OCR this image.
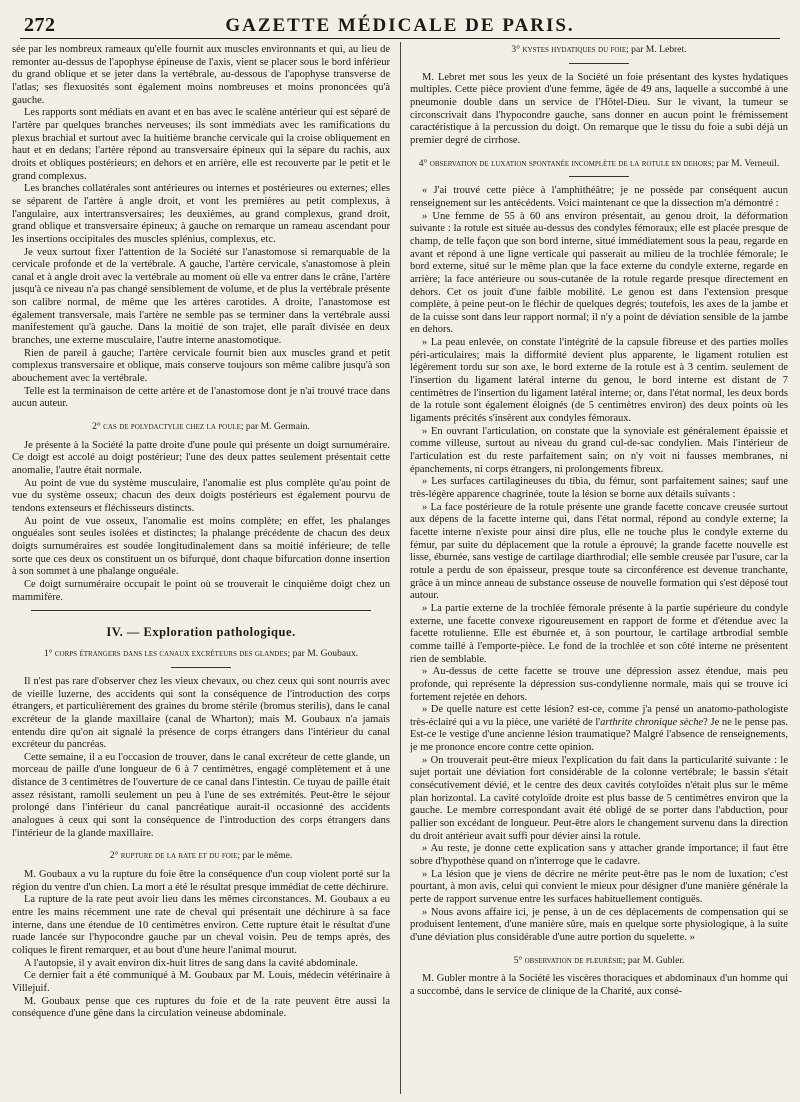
272	GAZETTE MÉDICALE DE PARIS.

sée par les nombreux rameaux qu'elle fournit aux muscles environnants et qui, au lieu de remonter au-dessus de l'apophyse épineuse de l'axis, vient se placer sous le bord inférieur du grand oblique et se jeter dans la vertébrale, au-dessous de l'apophyse transverse de l'atlas; ses flexuosités sont également moins nombreuses et moins prononcées qu'à gauche.

Les rapports sont médiats en avant et en bas avec le scalène antérieur qui est séparé de l'artère par quelques branches nerveuses; ils sont immédiats avec les ramifications du plexus brachial et surtout avec la huitième branche cervicale qui la croise obliquement en haut et en dedans; l'artère répond au transversaire épineux qui la sépare du rachis, aux droits et obliques postérieurs; en dehors et en arrière, elle est recouverte par le petit et le grand complexus.

Les branches collatérales sont antérieures ou internes et postérieures ou externes; elles se séparent de l'artère à angle droit, et vont les premières au petit complexus, à l'angulaire, aux intertransversaires; les deuxièmes, au grand complexus, grand droit, grand oblique et transversaire épineux; à gauche on remarque un rameau ascendant pour les insertions occipitales des muscles splénius, complexus, etc.

Je veux surtout fixer l'attention de la Société sur l'anastomose si remarquable de la cervicale profonde et de la vertébrale. A gauche, l'artère cervicale, s'anastomose à plein canal et à angle droit avec la vertébrale au moment où elle va entrer dans le crâne, l'artère jusqu'à ce niveau n'a pas changé sensiblement de volume, et de plus la vertébrale présente son calibre normal, de même que les artères carotides. A droite, l'anastomose est également transversale, mais l'artère ne semble pas se terminer dans la vertébrale aussi manifestement qu'à gauche. Dans la moitié de son trajet, elle paraît divisée en deux branches, une externe musculaire, l'autre interne anastomotique.

Rien de pareil à gauche; l'artère cervicale fournit bien aux muscles grand et petit complexus transversaire et oblique, mais conserve toujours son même calibre jusqu'à son abouchement avec la vertébrale.

Telle est la terminaison de cette artère et de l'anastomose dont je n'ai trouvé trace dans aucun auteur.

2° cas de polydactylie chez la poule; par M. Germain.

Je présente à la Société la patte droite d'une poule qui présente un doigt surnuméraire. Ce doigt est accolé au doigt postérieur; l'une des deux pattes seulement présentait cette anomalie, l'autre était normale.

Au point de vue du système musculaire, l'anomalie est plus complète qu'au point de vue du système osseux; chacun des deux doigts postérieurs est également pourvu de tendons extenseurs et fléchisseurs distincts.

Au point de vue osseux, l'anomalie est moins complète; en effet, les phalanges onguéales sont seules isolées et distinctes; la phalange précédente de chacun des deux doigts surnuméraires est soudée longitudinalement dans sa moitié inférieure; de telle sorte que ces deux os constituent un os bifurqué, dont chaque bifurcation donne insertion à son sommet à une phalange onguéale.

Ce doigt surnuméraire occupait le point où se trouverait le cinquième doigt chez un mammifère.

IV. — Exploration pathologique.
1° corps étrangers dans les canaux excréteurs des glandes; par M. Goubaux.

Il n'est pas rare d'observer chez les vieux chevaux, ou chez ceux qui sont nourris avec de vieille luzerne, des accidents qui sont la conséquence de l'introduction des corps étrangers, et particulièrement des graines du brome stérile (bromus sterilis), dans le canal excréteur de la glande maxillaire (canal de Wharton); mais M. Goubaux n'a jamais entendu dire qu'on ait signalé la présence de corps étrangers dans l'intérieur du canal excréteur du pancréas.

Cette semaine, il a eu l'occasion de trouver, dans le canal excréteur de cette glande, un morceau de paille d'une longueur de 6 à 7 centimètres, engagé complètement et à une distance de 3 centimètres de l'ouverture de ce canal dans l'intestin. Ce tuyau de paille était assez résistant, ramolli seulement un peu à l'une de ses extrémités. Peut-être le séjour prolongé dans l'intérieur du canal pancréatique aurait-il occasionné des accidents analogues à ceux qui sont la conséquence de l'introduction des corps étrangers dans l'intérieur de la glande maxillaire.

2° rupture de la rate et du foie; par le même.

M. Goubaux a vu la rupture du foie être la conséquence d'un coup violent porté sur la région du ventre d'un chien. La mort a été le résultat presque immédiat de cette déchirure.

La rupture de la rate peut avoir lieu dans les mêmes circonstances. M. Goubaux a eu entre les mains récemment une rate de cheval qui présentait une déchirure à sa face interne, dans une étendue de 10 centimètres environ. Cette rupture était le résultat d'une ruade lancée sur l'hypocondre gauche par un cheval voisin. Peu de temps après, des coliques le firent remarquer, et au bout d'une heure l'animal mourut.

A l'autopsie, il y avait environ dix-huit litres de sang dans la cavité abdominale.

Ce dernier fait a été communiqué à M. Goubaux par M. Louis, médecin vétérinaire à Villejuif.

M. Goubaux pense que ces ruptures du foie et de la rate peuvent être aussi la conséquence d'une gêne dans la circulation veineuse abdominale.

3° kystes hydatiques du foie; par M. Lebret.

M. Lebret met sous les yeux de la Société un foie présentant des kystes hydatiques multiples. Cette pièce provient d'une femme, âgée de 49 ans, laquelle a succombé à une pneumonie double dans un service de l'Hôtel-Dieu. Sur le vivant, la tumeur se circonscrivait dans l'hypocondre gauche, sans donner en aucun point le frémissement caractéristique à la percussion du doigt. On remarque que le tissu du foie a subi déjà un premier degré de cirrhose.

4° observation de luxation spontanée incomplète de la rotule en dehors; par M. Verneuil.

« J'ai trouvé cette pièce à l'amphithéâtre; je ne possède par conséquent aucun renseignement sur les antécédents. Voici maintenant ce que la dissection m'a démontré :

» Une femme de 55 à 60 ans environ présentait, au genou droit, la déformation suivante : la rotule est située au-dessus des condyles fémoraux; elle est placée presque de champ, de telle façon que son bord interne, situé immédiatement sous la peau, regarde en avant et répond à une ligne verticale qui passerait au milieu de la trochlée fémorale; le bord externe, situé sur le même plan que la face externe du condyle externe, regarde en arrière; la face antérieure ou sous-cutanée de la rotule regarde presque directement en dehors. Cet os jouit d'une faible mobilité. Le genou est dans l'extension presque complète, à peine peut-on le fléchir de quelques degrés; toutefois, les axes de la jambe et de la cuisse sont dans leur rapport normal; il n'y a point de déviation sensible de la jambe en dehors.

» La peau enlevée, on constate l'intégrité de la capsule fibreuse et des parties molles péri-articulaires; mais la difformité devient plus apparente, le ligament rotulien est légèrement tordu sur son axe, le bord externe de la rotule est à 3 centim. seulement de l'insertion du ligament latéral interne du genou, le bord interne est distant de 7 centimètres de l'insertion du ligament latéral interne; or, dans l'état normal, les deux bords de la rotule sont également éloignés (de 5 centimètres environ) des deux points où les ligaments précités s'insèrent aux condyles fémoraux.

» En ouvrant l'articulation, on constate que la synoviale est généralement épaissie et comme villeuse, surtout au niveau du grand cul-de-sac condylien. Mais l'intérieur de l'articulation est du reste parfaitement sain; on n'y voit ni fausses membranes, ni épanchements, ni corps étrangers, ni prolongements fibreux.

» Les surfaces cartilagineuses du tibia, du fémur, sont parfaitement saines; sauf une très-légère apparence chagrinée, toute la lésion se borne aux détails suivants :

» La face postérieure de la rotule présente une grande facette concave creusée surtout aux dépens de la facette interne qui, dans l'état normal, répond au condyle externe; la facette interne n'existe pour ainsi dire plus, elle ne touche plus le condyle externe du fémur, par suite du déplacement que la rotule a éprouvé; la grande facette nouvelle est lisse, éburnée, sans vestige de cartilage diarthrodial; elle semble creusée par l'usure, car la rotule a perdu de son épaisseur, presque toute sa circonférence est devenue tranchante, grâce à un mince anneau de substance osseuse de nouvelle formation qui s'est déposé tout autour.

» La partie externe de la trochlée fémorale présente à la partie supérieure du condyle externe, une facette convexe rigoureusement en rapport de forme et d'étendue avec la facette rotulienne. Elle est éburnée et, à son pourtour, le cartilage artbrodial semble comme taillé à l'emporte-pièce. Le fond de la trochlée et son côté interne ne présentent rien de semblable.

» Au-dessus de cette facette se trouve une dépression assez étendue, mais peu profonde, qui représente la dépression sus-condylienne normale, mais qui se trouve ici fortement rejetée en dehors.

» De quelle nature est cette lésion? est-ce, comme j'a pensé un anatomo-pathologiste très-éclairé qui a vu la pièce, une variété de l'arthrite chronique sèche? Je ne le pense pas. Est-ce le vestige d'une ancienne lésion traumatique? Malgré l'absence de renseignements, je me prononce encore contre cette opinion.

» On trouverait peut-être mieux l'explication du fait dans la particularité suivante : le sujet portait une déviation fort considérable de la colonne vertébrale; le bassin s'était consécutivement dévié, et le centre des deux cavités cotyloïdes n'était plus sur le même plan horizontal. La cavité cotyloïde droite est plus basse de 5 centimètres environ que la gauche. Le membre correspondant avait été obligé de se porter dans l'abduction, pour pallier son excédant de longueur. Peut-être alors le changement survenu dans la direction du droit antérieur avait suffi pour dévier ainsi la rotule.

» Au reste, je donne cette explication sans y attacher grande importance; il faut être sobre d'hypothèse quand on n'interroge que le cadavre.

» La lésion que je viens de décrire ne mérite peut-être pas le nom de luxation; c'est pourtant, à mon avis, celui qui convient le mieux pour désigner d'une manière générale la perte de rapport survenue entre les surfaces habituellement contiguës.

» Nous avons affaire ici, je pense, à un de ces déplacements de compensation qui se produisent lentement, d'une manière sûre, mais en quelque sorte physiologique, à la suite d'une déviation plus considérable d'une autre portion du squelette. »

5° observation de pleurésie; par M. Gubler.

M. Gubler montre à la Société les viscères thoraciques et abdominaux d'un homme qui a succombé, dans le service de clinique de la Charité, aux consé-
